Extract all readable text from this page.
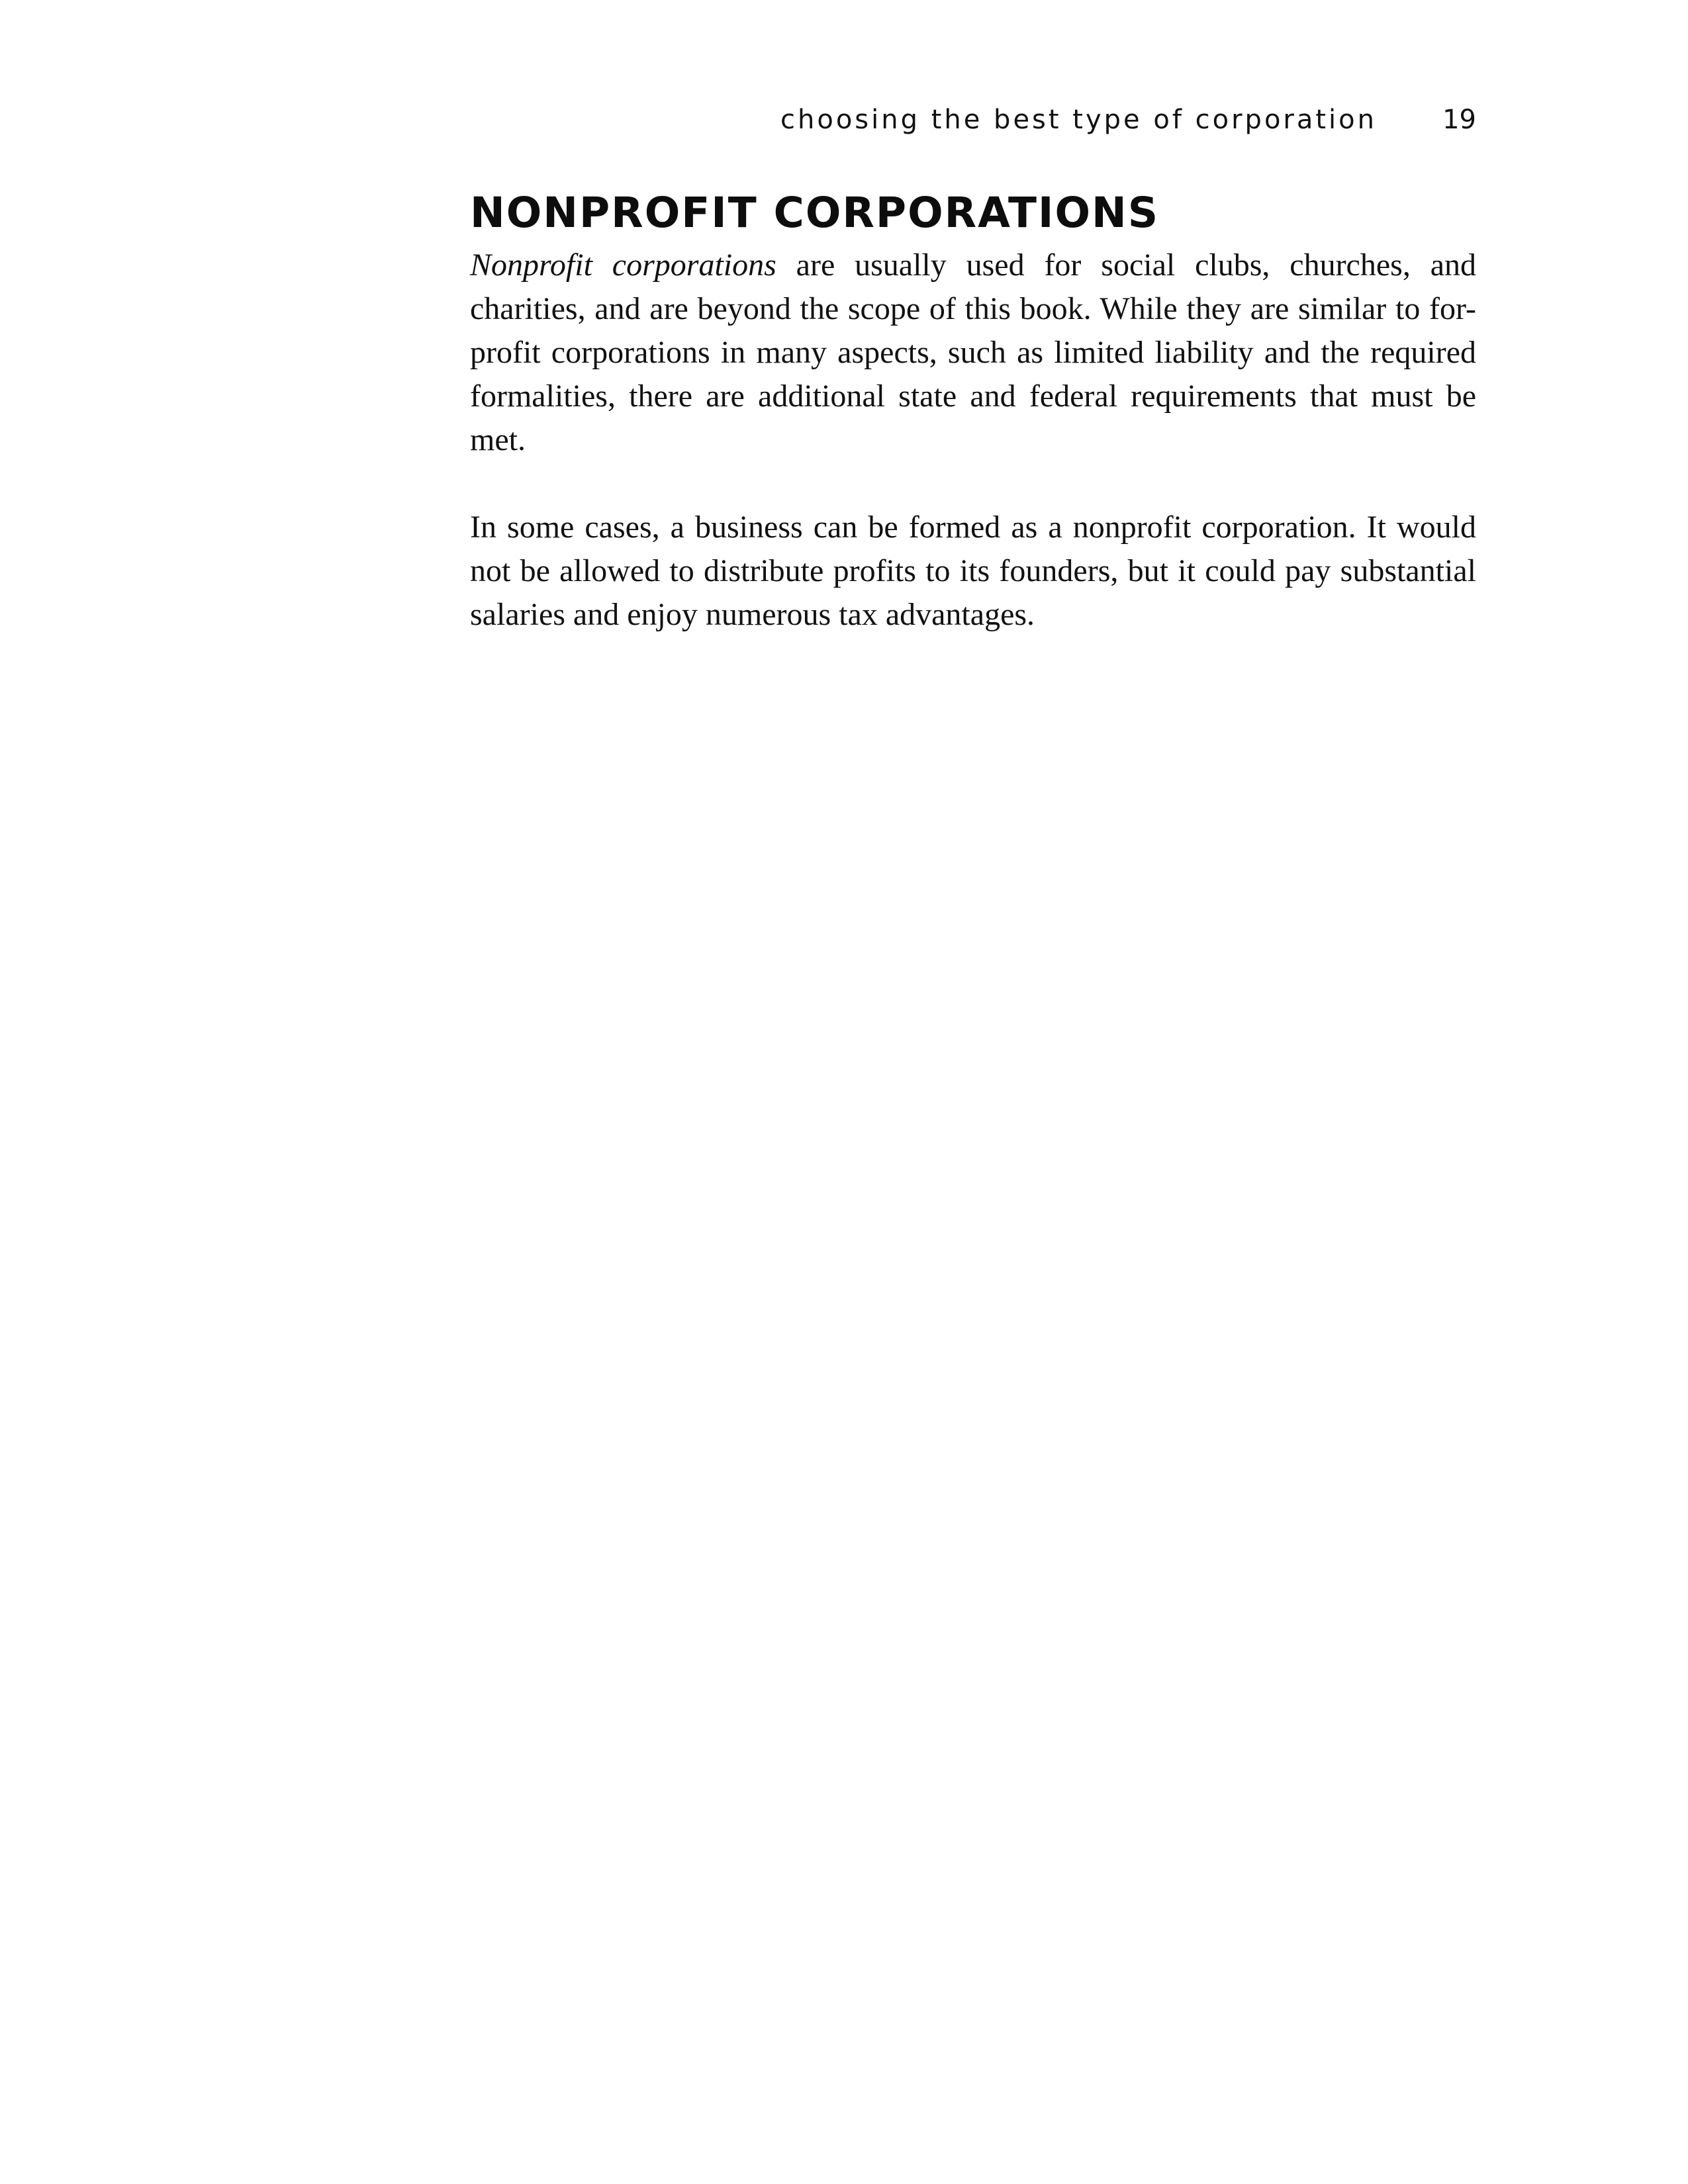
choosing the best type of corporation 19
NONPROFIT CORPORATIONS

Nonprofit corporations are usually used for social clubs, churches, and charities, and are beyond the scope of this book. While they are similar to for-profit corporations in many aspects, such as limited liability and the required formalities, there are additional state and federal requirements that must be met.

In some cases, a business can be formed as a nonprofit corporation. It would not be allowed to distribute profits to its founders, but it could pay substantial salaries and enjoy numerous tax advantages.
